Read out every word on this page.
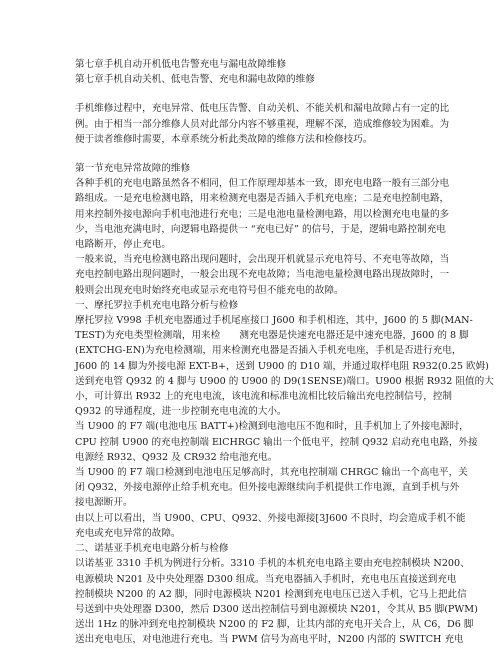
第七章手机自动开机低电告警充电与漏电故障维修
第七章手机自动关机、低电告警、充电和漏电故障的维修
手机维修过程中，充电异常、低电压告警、自动关机、不能关机和漏电故障占有一定的比
例。由于相当一部分维修人员对此部分内容不够重视，理解不深，造成维修较为困难。为
便于读者维修时需要，本章系统分析此类故障的维修方法和检修技巧。
第一节充电异常故障的维修
各种手机的充电电路虽然各不相同，但工作原理却基本一致，即充电电路一般有三部分电
路组成。一是充电检测电路，用来检测充电器是否插入手机充电座；二是充电控制电路，
用来控制外接电源向手机电池进行充电；三是电池电量检测电路，用以检测充电电量的多
少，当电池充满电时，向逻辑电路提供一 “充电已好” 的信号，于是，逻辑电路控制充电
电路断开，停止充电。
一般来说，当充电检测电路出现问题时，会出现开机就显示充电符号、不充电等故障，当
充电控制电路出现问题时，一般会出现不充电故障；当电池电量检测电路出现故障时，一
般则会出现充电时始终充电或显示充电符号但不能充电的故障。
一、摩托罗拉手机充电电路分析与检修
摩托罗拉 V998 手机充电器通过手机尾座接口 J600 和手机相连，其中，J600 的 5 脚(MAN-
TEST)为充电类型检测端，用来检　　测充电器是快速充电器还是中速充电器，J600 的 8 脚
(EXTCHG-EN)为充电检测端，用来检测充电器是否插入手机充电座，手机是否进行充电，
J600 的 14 脚为外接电源 EXT-B+，送到 U900 的 D10 端，并通过取样电阻 R932(0.25 欧姆)
送到充电管 Q932 的 4 脚与 U900 的 U900 的 D9(1SENSE)端口。U900 根据 R932 阻值的大
小，可计算出 R932 上的充电电流，该电流和标准电流相比较后输出充电控制信号，控制
Q932 的导通程度，进一步控制充电电流的大小。
当 U900 的 F7 端(电池电压 BATT+)检测到电池电压不饱和时，且手机加上了外接电源时，
CPU 控制 U900 的充电控制端 ElCHRGC 输出一个低电平，控制 Q932 启动充电电路，外接
电源经 R932、Q932 及 CR932 给电池充电。
当 U900 的 F7 端口检测到电池电压足够高时，其充电控制端 CHRGC 输出一个高电平，关
闭 Q932，外接电源停止给手机充电。但外接电源继续向手机提供工作电源，直到手机与外
接电源断开。
由以上可以看出，当 U900、CPU、Q932、外接电源接[3J600 不良时，均会造成手机不能
充电或充电异常的故障。
二、诺基亚手机充电电路分析与检修
以诺基亚 3310 手机为例进行分析。3310 手机的本机充电电路主要由充电控制模块 N200、
电源模块 N201 及中央处理器 D300 组成。当充电器插入手机时，充电电压直接送到充电
控制模块 N200 的 A2 脚，同时电源模块 N201 检测到充电电压已送入手机，它马上把此信
号送到中央处理器 D300，然后 D300 送出控制信号到电源模块 N201，令其从 B5 脚(PWM)
送出 1Hz 的脉冲到充电控制模块 N200 的 F2 脚，让其内部的充电开关合上，从 C6，D6 脚
送出充电电压，对电池进行充电。当 PWM 信号为高电平时，N200 内部的 SWITCH 充电
